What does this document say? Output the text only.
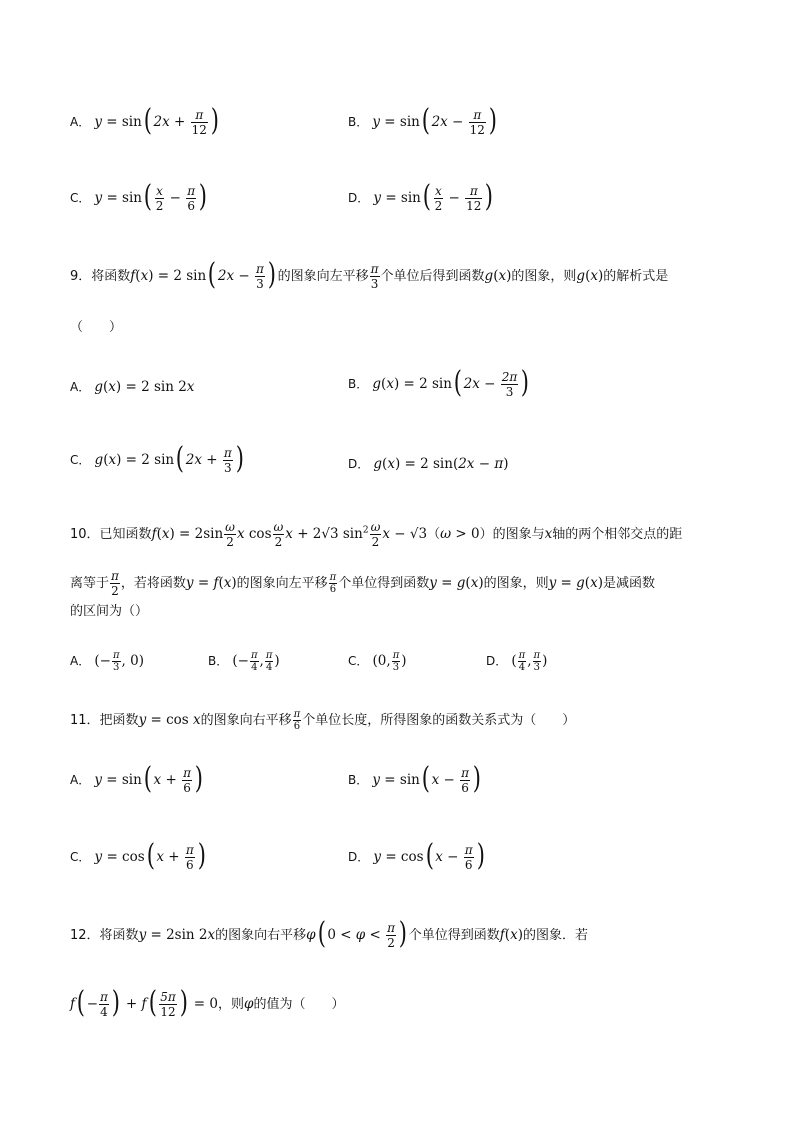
A． y = sin( $2x + \frac{\pi}{12}$ )	B． y = sin( $2x - \frac{\pi}{12}$ )
C． $y = \sin( \frac{x}{2} - \frac{\pi}{6}$ )	D． $y = \sin( \frac{x}{2} - \frac{\pi}{12}$ )
9．将函数f(x) = 2 sin( $2x - \frac{\pi}{3}$ ) 的图象向左平移 $\frac{\pi}{3}$ 个单位后得到函数g(x)的图象，则g(x)的解析式是
（　　）
A． g(x) = 2 sin 2x	B． g(x) = 2 sin( $2x - \frac{2\pi}{3}$ )
C． g(x) = 2 sin( $2x + \frac{\pi}{3}$ )	D． g(x) = 2 sin(2x − π)
10．已知函数$f(x) = 2\sin \frac{\omega}{2}$ x $\cos \frac{\omega}{2}$ x + 2√3 $\sin^2 \frac{\omega}{2}$ x − √3（ω > 0）的图象与x轴的两个相邻交点的距
离等于 $\frac{\pi}{2}$ ，若将函数y = f(x)的图象向左平移 $\frac{\pi}{6}$ 个单位得到函数y = g(x)的图象，则y = g(x)是减函数
的区间为（）
A． (− $\frac{\pi}{3}$ , 0)	B． (− $\frac{\pi}{4}$ , $\frac{\pi}{4}$ )	C． (0, $\frac{\pi}{3}$ )	D． ( $\frac{\pi}{4}$ , $\frac{\pi}{3}$ )
11．把函数y = cos x的图象向右平移 $\frac{\pi}{6}$ 个单位长度，所得图象的函数关系式为（　　）
A． y = sin( $x + \frac{\pi}{6}$ )	B． y = sin( $x - \frac{\pi}{6}$ )
C． y = cos( $x + \frac{\pi}{6}$ )	D． y = cos( $x - \frac{\pi}{6}$ )
12．将函数y = 2sin 2x的图象向右平移φ( $0 < \varphi < \frac{\pi}{2}$ ) 个单位得到函数f(x)的图象．若
$f( - \frac{\pi}{4}$ ) + $f( \frac{5\pi}{12}$ ) = 0，则φ的值为（　　）
